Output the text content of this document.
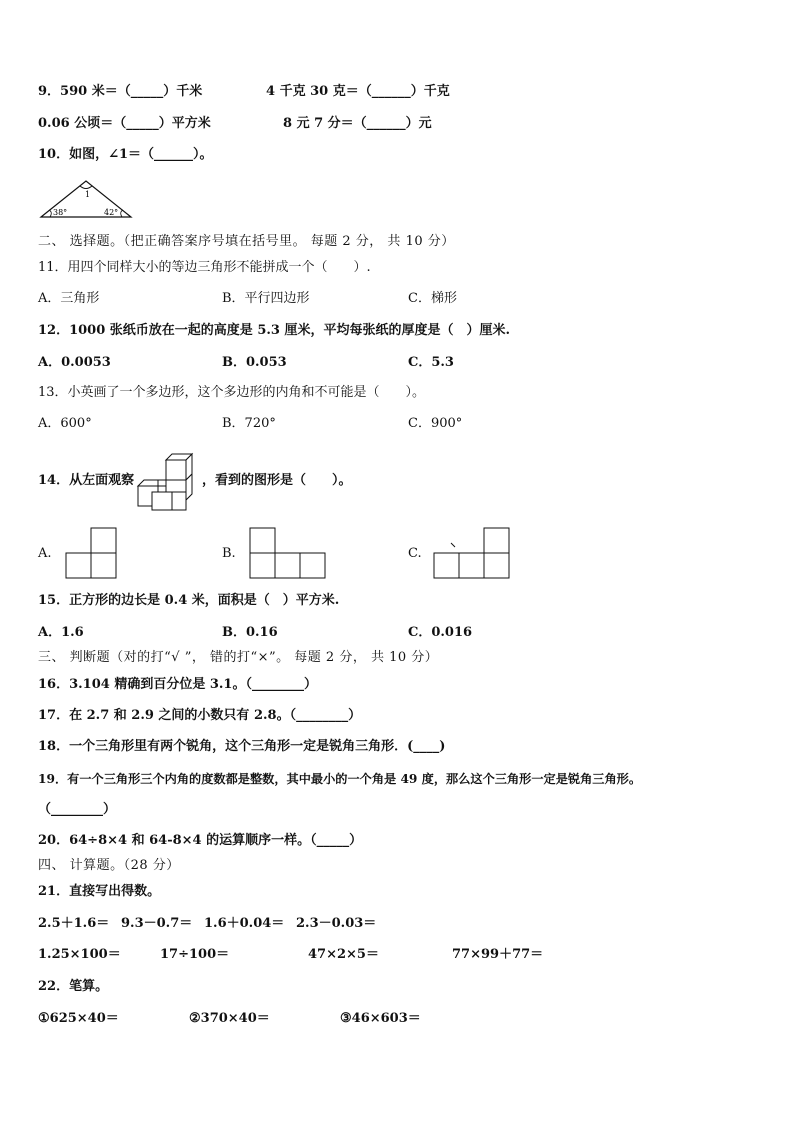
9．590 米＝（_____）千米	4 千克 30 克＝（______）千克
0.06 公顷＝（_____）平方米	8 元 7 分＝（______）元
10．如图，∠1＝（______）。
1
38°	42°
二、 选择题。（把正确答案序号填在括号里。 每题 2 分， 共 10 分）
11．用四个同样大小的等边三角形不能拼成一个（　　）.
A．三角形	B．平行四边形	C．梯形
12．1000 张纸币放在一起的高度是 5.3 厘米，平均每张纸的厚度是（　）厘米.
A．0.0053	B．0.053	C．5.3
13．小英画了一个多边形，这个多边形的内角和不可能是（　　）。
A．600°	B．720°	C．900°
14．从左面观察	，看到的图形是（　　）。
A.	B.	C.
15．正方形的边长是 0.4 米，面积是（　）平方米.
A．1.6	B．0.16	C．0.016
三、 判断题（对的打“√ ”， 错的打“×”。 每题 2 分， 共 10 分）
16．3.104 精确到百分位是 3.1。（________）
17．在 2.7 和 2.9 之间的小数只有 2.8。（________）
18．一个三角形里有两个锐角，这个三角形一定是锐角三角形．(____)
19．有一个三角形三个内角的度数都是整数，其中最小的一个角是 49 度，那么这个三角形一定是锐角三角形。
（________）
20．64÷8×4 和 64-8×4 的运算顺序一样。（_____）
四、 计算题。（28 分）
21．直接写出得数。
2.5＋1.6＝ 9.3－0.7＝ 1.6＋0.04＝ 2.3－0.03＝
1.25×100＝	17÷100＝	47×2×5＝	77×99＋77＝
22．笔算。
①625×40＝	②370×40＝	③46×603＝
